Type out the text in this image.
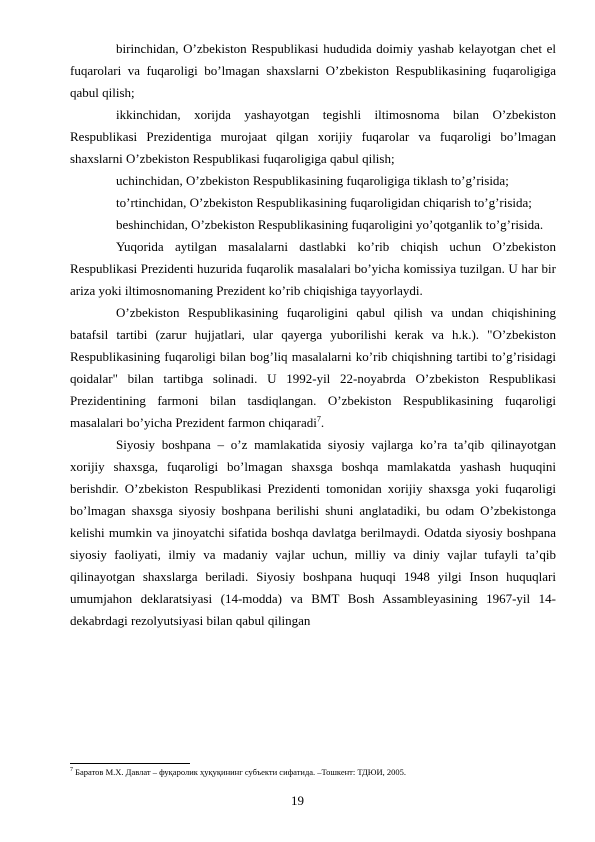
birinchidan, O’zbekiston Respublikasi hududida doimiy yashab kelayotgan chet el fuqarolari va fuqaroligi bo’lmagan shaxslarni O’zbekiston Respublikasining fuqaroligiga qabul qilish;

ikkinchidan, xorijda yashayotgan tegishli iltimosnoma bilan O’zbekiston Respublikasi Prezidentiga murojaat qilgan xorijiy fuqarolar va fuqaroligi bo’lmagan shaxslarni O’zbekiston Respublikasi fuqaroligiga qabul qilish;

uchinchidan, O’zbekiston Respublikasining fuqaroligiga tiklash to’g’risida;

to’rtinchidan, O’zbekiston Respublikasining fuqaroligidan chiqarish to’g’risida;

beshinchidan, O’zbekiston Respublikasining fuqaroligini yo’qotganlik to’g’risida.

Yuqorida aytilgan masalalarni dastlabki ko’rib chiqish uchun O’zbekiston Respublikasi Prezidenti huzurida fuqarolik masalalari bo’yicha komissiya tuzilgan. U har bir ariza yoki iltimosnomaning Prezident ko’rib chiqishiga tayyorlaydi.

O’zbekiston Respublikasining fuqaroligini qabul qilish va undan chiqishining batafsil tartibi (zarur hujjatlari, ular qayerga yuborilishi kerak va h.k.). "O’zbekiston Respublikasining fuqaroligi bilan bog’liq masalalarni ko’rib chiqishning tartibi to’g’risidagi qoidalar" bilan tartibga solinadi. U 1992-yil 22-noyabrda O’zbekiston Respublikasi Prezidentining farmoni bilan tasdiqlangan. O’zbekiston Respublikasining fuqaroligi masalalari bo’yicha Prezident farmon chiqaradi$^7$.

Siyosiy boshpana – o’z mamlakatida siyosiy vajlarga ko’ra ta’qib qilinayotgan xorijiy shaxsga, fuqaroligi bo’lmagan shaxsga boshqa mamlakatda yashash huquqini berishdir. O’zbekiston Respublikasi Prezidenti tomonidan xorijiy shaxsga yoki fuqaroligi bo’lmagan shaxsga siyosiy boshpana berilishi shuni anglatadiki, bu odam O’zbekistonga kelishi mumkin va jinoyatchi sifatida boshqa davlatga berilmaydi. Odatda siyosiy boshpana siyosiy faoliyati, ilmiy va madaniy vajlar uchun, milliy va diniy vajlar tufayli ta’qib qilinayotgan shaxslarga beriladi. Siyosiy boshpana huquqi 1948 yilgi Inson huquqlari umumjahon deklaratsiyasi (14-modda) va BMT Bosh Assambleyasining 1967-yil 14-dekabrdagi rezolyutsiyasi bilan qabul qilingan

$^7$ Баратов М.Х. Давлат – фуқаролик ҳуқуқининг субъекти сифатида. –Тошкент: ТДЮИ, 2005.
19
